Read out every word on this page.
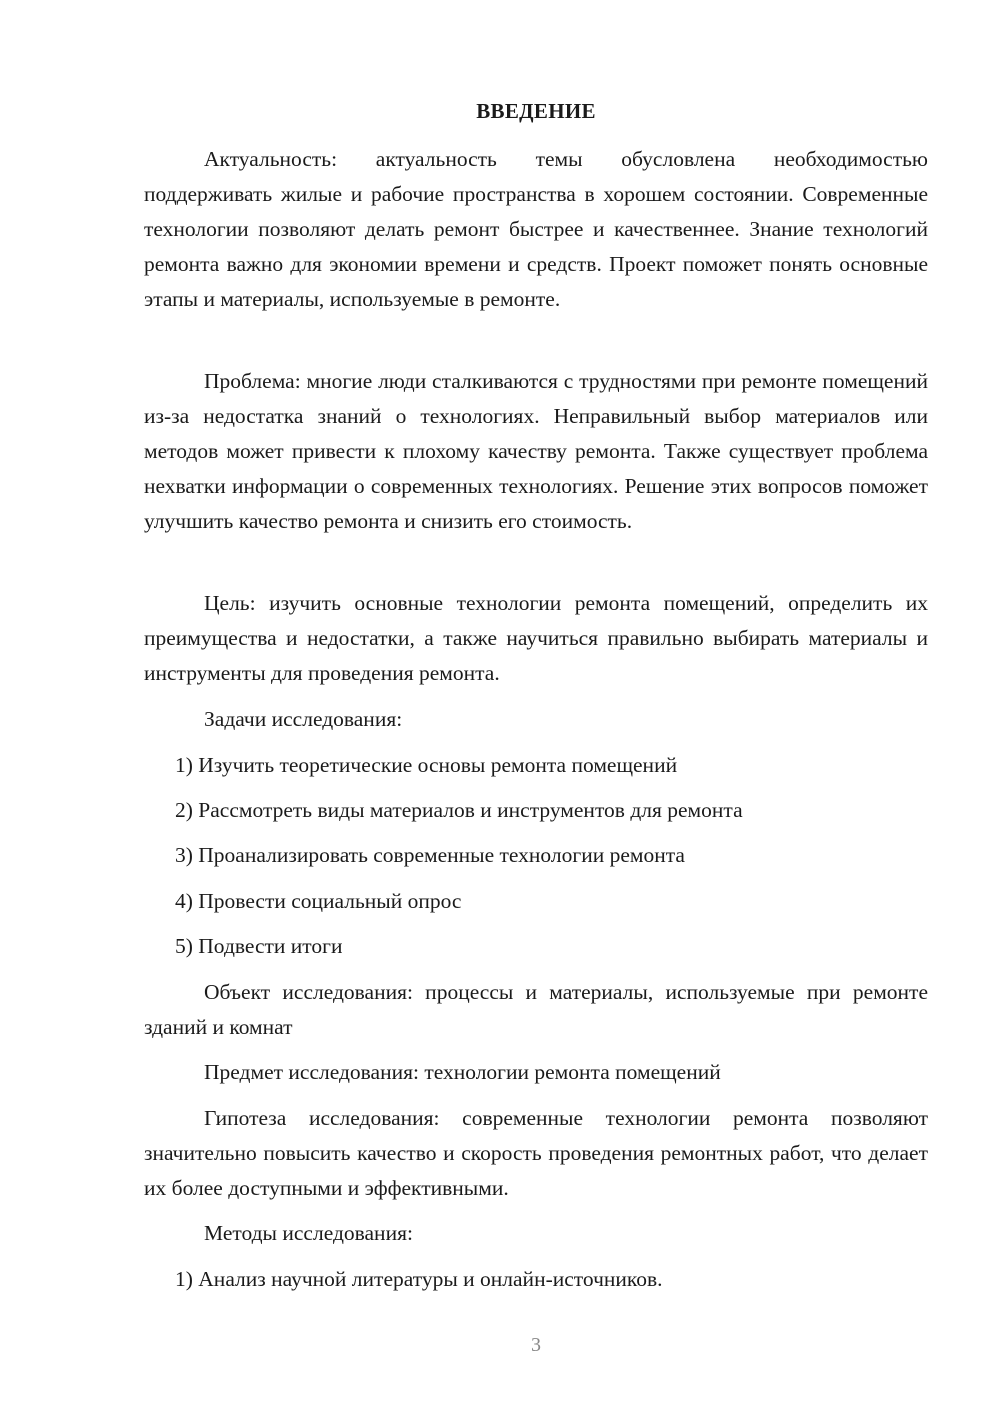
ВВЕДЕНИЕ

Актуальность: актуальность темы обусловлена необходимостью поддерживать жилые и рабочие пространства в хорошем состоянии. Современные технологии позволяют делать ремонт быстрее и качественнее. Знание технологий ремонта важно для экономии времени и средств. Проект поможет понять основные этапы и материалы, используемые в ремонте.

Проблема: многие люди сталкиваются с трудностями при ремонте помещений из-за недостатка знаний о технологиях. Неправильный выбор материалов или методов может привести к плохому качеству ремонта. Также существует проблема нехватки информации о современных технологиях. Решение этих вопросов поможет улучшить качество ремонта и снизить его стоимость.

Цель: изучить основные технологии ремонта помещений, определить их преимущества и недостатки, а также научиться правильно выбирать материалы и инструменты для проведения ремонта.

Задачи исследования:

1) Изучить теоретические основы ремонта помещений

2) Рассмотреть виды материалов и инструментов для ремонта

3) Проанализировать современные технологии ремонта

4) Провести социальный опрос

5) Подвести итоги

Объект исследования: процессы и материалы, используемые при ремонте зданий и комнат

Предмет исследования: технологии ремонта помещений

Гипотеза исследования: современные технологии ремонта позволяют значительно повысить качество и скорость проведения ремонтных работ, что делает их более доступными и эффективными.

Методы исследования:

1) Анализ научной литературы и онлайн-источников.

3
